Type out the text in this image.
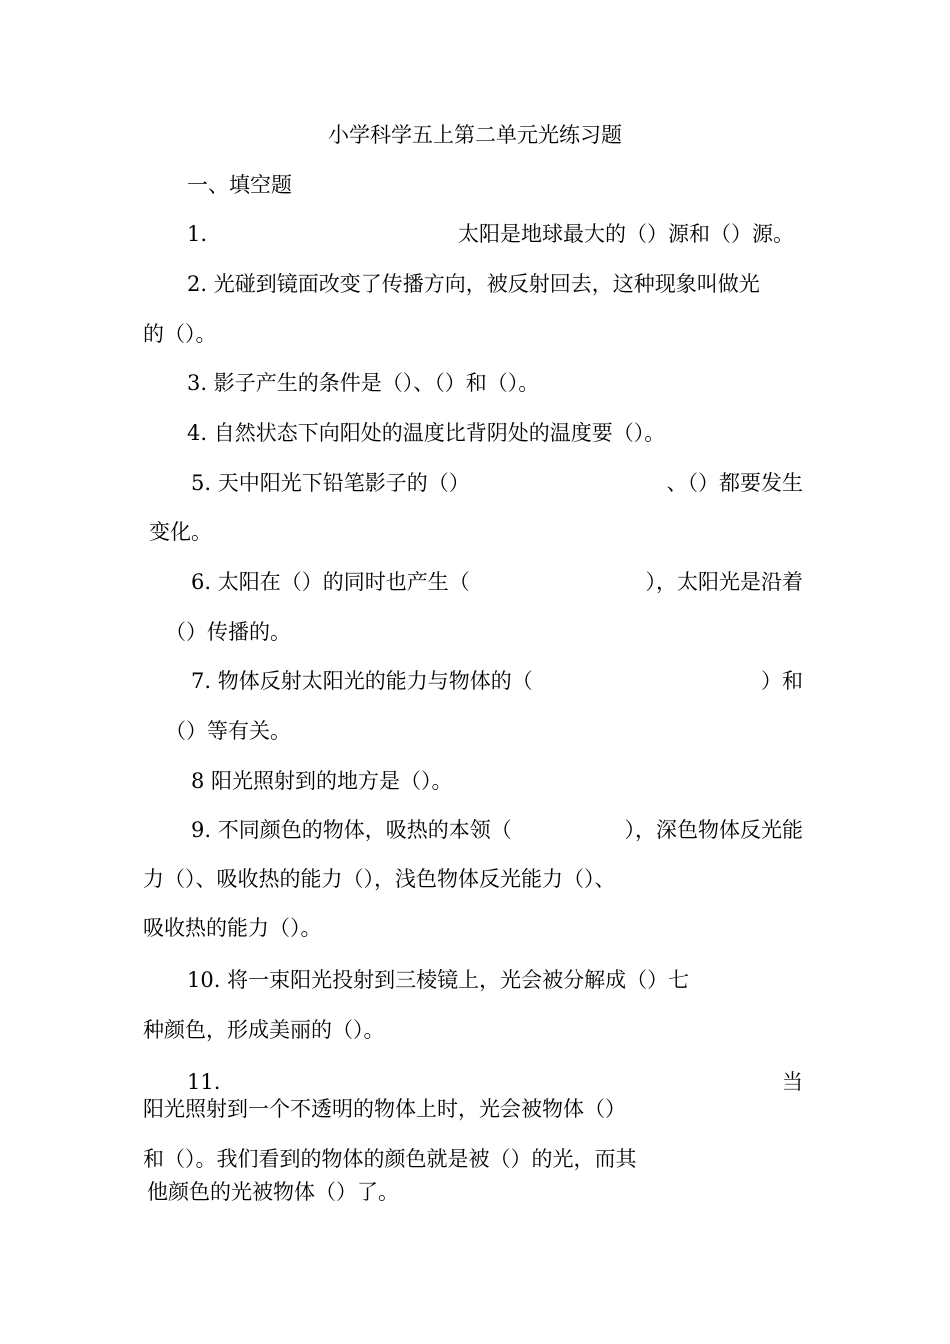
小学科学五上第二单元光练习题
一、填空题
1.	太阳是地球最大的（）源和（）源。
2. 光碰到镜面改变了传播方向，被反射回去，这种现象叫做光
的（）。
3. 影子产生的条件是（）、（）和（）。
4. 自然状态下向阳处的温度比背阴处的温度要（）。
5. 天中阳光下铅笔影子的（）	、（）都要发生
变化。
6. 太阳在（）的同时也产生（	），太阳光是沿着
（）传播的。
7. 物体反射太阳光的能力与物体的（	）和
（）等有关。
8 阳光照射到的地方是（）。
9. 不同颜色的物体，吸热的本领（	），深色物体反光能
力（）、吸收热的能力（），浅色物体反光能力（）、
吸收热的能力（）。
10. 将一束阳光投射到三棱镜上，光会被分解成（）七
种颜色，形成美丽的（）。
11.	当
阳光照射到一个不透明的物体上时，光会被物体（）
和（）。我们看到的物体的颜色就是被（）的光，而其
他颜色的光被物体（）了。
